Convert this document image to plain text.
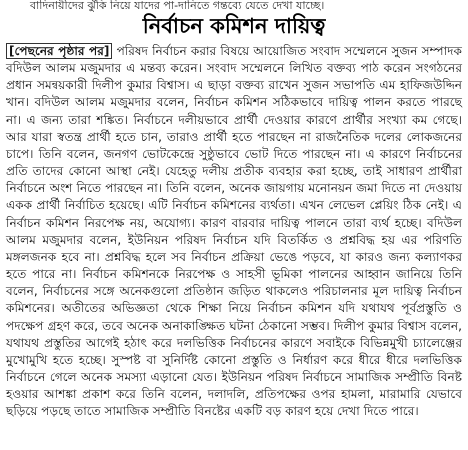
বাদিনায়ীদের ঝুঁকি নিয়ে যাদের পা-দানিতে গন্তব্যে যেতে দেখা যাচ্ছে।
নির্বাচন কমিশন দায়িত্ব

[পেছনের পৃষ্ঠার পর] পরিষদ নির্বাচন করার বিষয়ে আয়োজিত সংবাদ সম্মেলনে সুজন সম্পাদক বদিউল আলম মজুমদার এ মন্তব্য করেন। সংবাদ সম্মেলনে লিখিত বক্তব্য পাঠ করেন সংগঠনের প্রধান সমন্বয়কারী দিলীপ কুমার বিশ্বাস। এ ছাড়া বক্তব্য রাখেন সুজন সভাপতি এম হাফিজউদ্দিন খান। বদিউল আলম মজুমদার বলেন, নির্বাচন কমিশন সঠিকভাবে দায়িত্ব পালন করতে পারছে না। এ জন্য তারা শঙ্কিত। নির্বাচনে দলীয়ভাবে প্রার্থী দেওয়ার কারণে প্রার্থীর সংখ্যা কম গেছে। আর যারা স্বতন্ত্র প্রার্থী হতে চান, তারাও প্রার্থী হতে পারছেন না রাজনৈতিক দলের লোকজনের চাপে। তিনি বলেন, জনগণ ভোটকেন্দ্রে সুষ্ঠুভাবে ভোট দিতে পারছেন না। এ কারণে নির্বাচনের প্রতি তাদের কোনো আস্থা নেই। যেহেতু দলীয় প্রতীক ব্যবহার করা হচ্ছে, তাই সাধারণ প্রার্থীরা নির্বাচনে অংশ নিতে পারছেন না। তিনি বলেন, অনেক জায়গায় মনোনয়ন জমা দিতে না দেওয়ায় একক প্রার্থী নির্বাচিত হয়েছে। এটি নির্বাচন কমিশনের ব্যর্থতা। এখন লেভেল প্লেয়িং ঠিক নেই। এ নির্বাচন কমিশন নিরপেক্ষ নয়, অযোগ্য। কারণ বারবার দায়িত্ব পালনে তারা ব্যর্থ হচ্ছে। বদিউল আলম মজুমদার বলেন, ইউনিয়ন পরিষদ নির্বাচন যদি বিতর্কিত ও প্রশ্নবিদ্ধ হয় এর পরিণতি মঙ্গলজনক হবে না। প্রশ্নবিদ্ধ হলে সব নির্বাচন প্রক্রিয়া ভেঙে পড়বে, যা কারও জন্য কল্যাণকর হতে পারে না। নির্বাচন কমিশনকে নিরপেক্ষ ও সাহসী ভূমিকা পালনের আহ্বান জানিয়ে তিনি বলেন, নির্বাচনের সঙ্গে অনেকগুলো প্রতিষ্ঠান জড়িত থাকলেও পরিচালনার মূল দায়িত্ব নির্বাচন কমিশনের। অতীতের অভিজ্ঞতা থেকে শিক্ষা নিয়ে নির্বাচন কমিশন যদি যথাযথ পূর্বপ্রস্তুতি ও পদক্ষেপ গ্রহণ করে, তবে অনেক অনাকাঙ্ক্ষিত ঘটনা ঠেকানো সম্ভব। দিলীপ কুমার বিশ্বাস বলেন, যথাযথ প্রস্তুতির আগেই হঠাৎ করে দলভিত্তিক নির্বাচনের কারণে সবাইকে বিভিন্নমুখী চ্যালেঞ্জের মুখোমুখি হতে হচ্ছে। সুস্পষ্ট বা সুনির্দিষ্ট কোনো প্রস্তুতি ও নির্ধারণ করে ধীরে ধীরে দলভিত্তিক নির্বাচনে গেলে অনেক সমস্যা এড়ানো যেত। ইউনিয়ন পরিষদ নির্বাচনে সামাজিক সম্প্রীতি বিনষ্ট হওয়ার আশঙ্কা প্রকাশ করে তিনি বলেন, দলাদলি, প্রতিপক্ষের ওপর হামলা, মারামারি যেভাবে ছড়িয়ে পড়ছে তাতে সামাজিক সম্প্রীতি বিনষ্টের একটি বড় কারণ হয়ে দেখা দিতে পারে।
